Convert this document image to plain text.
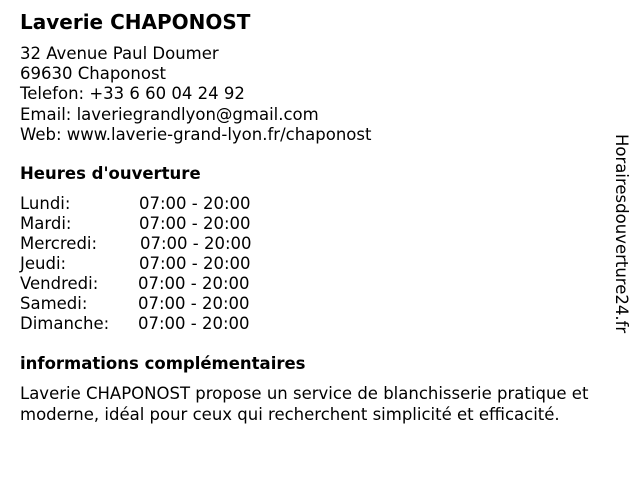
Laverie CHAPONOST
32 Avenue Paul Doumer
69630 Chaponost
Telefon: +33 6 60 04 24 92
Email: laveriegrandlyon@gmail.com
Web: www.laverie-grand-lyon.fr/chaponost
Heures d'ouverture
Lundi:	07:00 - 20:00
Mardi:	07:00 - 20:00
Mercredi:	07:00 - 20:00
Jeudi:	07:00 - 20:00
Vendredi: 07:00 - 20:00
Samedi:	07:00 - 20:00
Dimanche: 07:00 - 20:00
informations complémentaires
Laverie CHAPONOST propose un service de blanchisserie pratique et moderne, idéal pour ceux qui recherchent simplicité et efficacité.
Horairesdouverture24.fr
